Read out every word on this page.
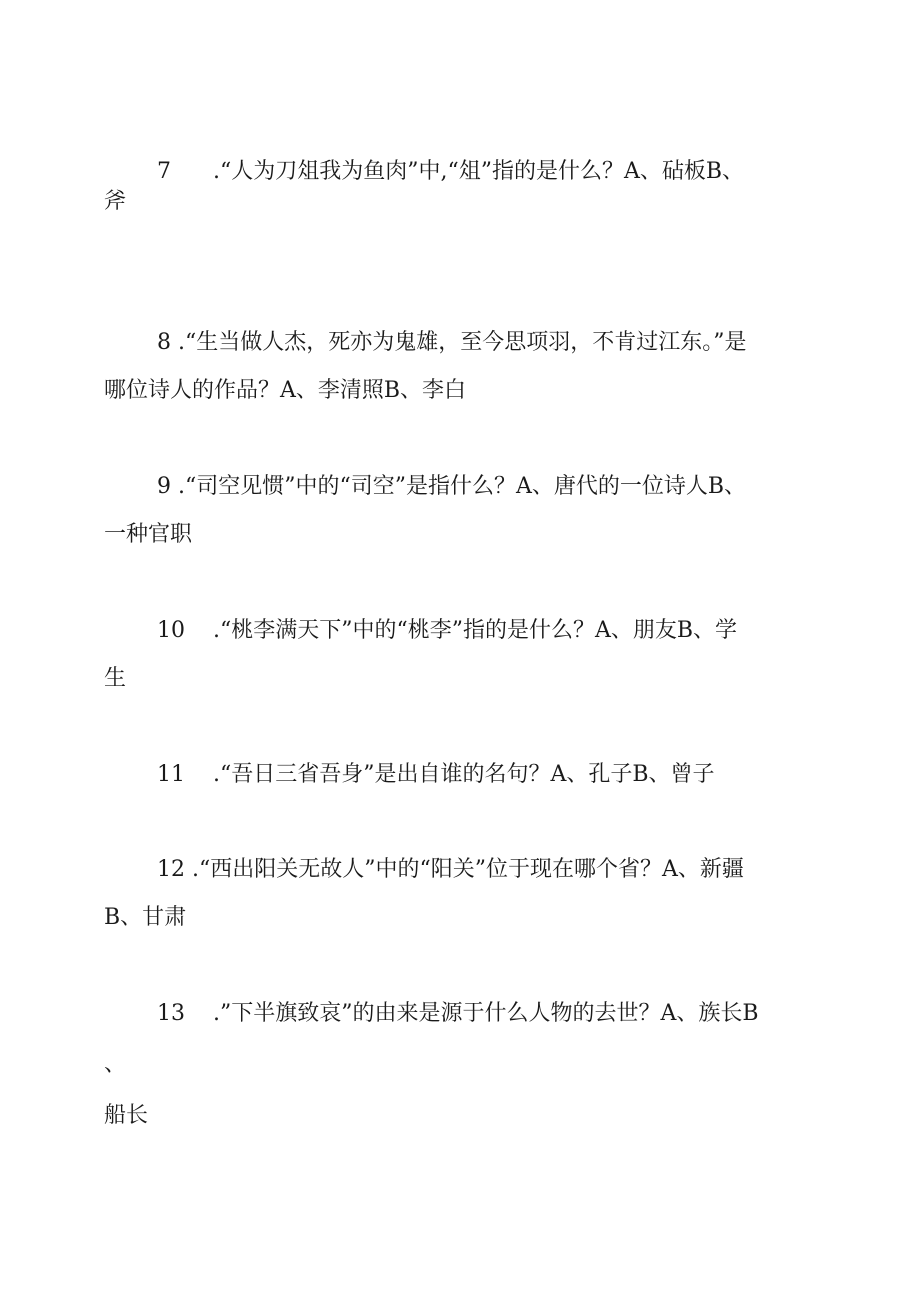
7 .“人为刀俎我为鱼肉”中,“俎”指的是什么？A、砧板B、
斧
8 .“生当做人杰，死亦为鬼雄，至今思项羽，不肯过江东。”是
哪位诗人的作品？A、李清照B、李白
9 .“司空见惯”中的“司空”是指什么？A、唐代的一位诗人B、
一种官职
10 .“桃李满天下”中的“桃李”指的是什么？A、朋友B、学
生
11 .“吾日三省吾身”是出自谁的名句？A、孔子B、曾子
12 .“西出阳关无故人”中的“阳关”位于现在哪个省？A、新疆
B、甘肃
13 .”下半旗致哀”的由来是源于什么人物的去世？A、族长B
、
船长
